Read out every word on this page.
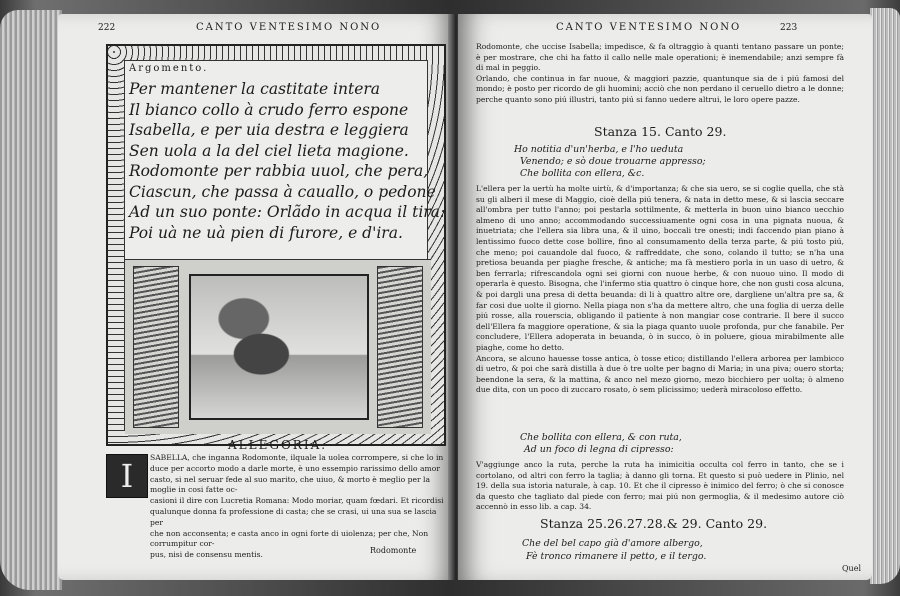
222	CANTO VENTESIMO NONO
Argomento.
Per mantener la castitate intera
Il bianco collo à crudo ferro espone
Isabella, e per uia destra e leggiera
Sen uola a la del ciel lieta magione.
Rodomonte per rabbia uuol, che pera,
Ciascun, che passa à cauallo, o pedone
Ad un suo ponte: Orlãdo in acqua il tira:
Poi uà ne uà pien di furore, e d'ira.
ALLEGORIA.
I	SABELLA, che inganna Rodomonte, ilquale la uolea corrompere, si che lo in
duce per accorto modo a darle morte, è uno essempio rarissimo dello amor
casto, si nel seruar fede al suo marito, che uiuo, & morto è meglio per la moglie in cosi fatte oc-
casioni il dire con Lucretia Romana: Modo moriar, quam fœdari. Et ricordisi
qualunque donna fa professione di casta; che se crasi, ui una sua se lascia per
che non acconsenta; e casta anco in ogni forte di uiolenza; per che, Non corrumpitur cor-
pus, nisi de consensu mentis.	Rodomonte
CANTO VENTESIMO NONO	223
Rodomonte, che uccise Isabella; impedisce, & fa oltraggio à quanti tentano passare un ponte; è per mostrare, che chi ha fatto il callo nelle male operationi; è inemendabile; anzi sempre fà di mal in peggio.
Orlando, che continua in far nuoue, & maggiori pazzie, quantunque sia de i piú famosi del mondo; è posto per ricordo de gli huomini; acciò che non perdano il ceruello dietro a le donne; perche quanto sono piú illustri, tanto piú si fanno uedere altrui, le loro opere pazze.
Stanza 15. Canto 29.
Ho notitia d'un'herba, e l'ho ueduta
Venendo; e sò doue trouarne appresso;
Che bollita con ellera, &c.
L'ellera per la uertù ha molte uirtù, & d'importanza; & che sia uero, se si coglie quella, che stà su gli alberi il mese di Maggio, cioè della piú tenera, & nata in detto mese, & si lascia seccare all'ombra per tutto l'anno; poi pestarla sottilmente, & metterla in buon uino bianco uecchio almeno di uno anno; accommodando successiuamente ogni cosa in una pignata nuoua, & inuetriata; che l'ellera sia libra una, & il uino, boccali tre onesti; indi faccendo pian piano à lentissimo fuoco dette cose bollire, fino al consumamento della terza parte, & piú tosto piú, che meno; poi cauandole dal fuoco, & raffreddate, che sono, colando il tutto; se n'ha una pretiosa beuanda per piaghe fresche, & antiche; ma fà mestiero porla in un uaso di uetro, & ben ferrarla; rifrescandola ogni sei giorni con nuoue herbe, & con nuouo uino. Il modo di operarla è questo. Bisogna, che l'infermo stia quattro ò cinque hore, che non gusti cosa alcuna, & poi dargli una presa di detta beuanda: di li à quattro altre ore, dargliene un'altra pre sa, & far cosi due uolte il giorno. Nella piaga non s'ha da mettere altro, che una foglia di uerza delle piú rosse, alla rouerscia, obligando il patiente à non mangiar cose contrarie. Il bere il succo dell'Ellera fa maggiore operatione, & sia la piaga quanto uuole profonda, pur che fanabile. Per concludere, l'Ellera adoperata in beuanda, ò in succo, ò in poluere, gioua mirabilmente alle piaghe, come ho detto.
Ancora, se alcuno hauesse tosse antica, ò tosse etico; distillando l'ellera arborea per lambicco di uetro, & poi che sarà distilla à due ò tre uolte per bagno di Maria; in una piva; ouero storta; beendone la sera, & la mattina, & anco nel mezo giorno, mezo bicchiero per uolta; ò almeno due dita, con un poco di zuccaro rosato, ò sem plicissimo; uederà miracoloso effetto.
Che bollita con ellera, & con ruta,
Ad un foco di legna di cipresso:
V'aggiunge anco la ruta, perche la ruta ha inimicitia occulta col ferro in tanto, che se i cortolano, od altri con ferro la taglia; à danno gli torna. Et questo si può uedere in Plinio, nel 19. della sua istoria naturale, à cap. 10. Et che il cipresso è inimico del ferro; ò che si conosce da questo che tagliato dal piede con ferro; mai piú non germoglia, & il medesimo autore ciò accennò in esso lib. a cap. 34.
Stanza 25.26.27.28.& 29. Canto 29.
Che del bel capo già d'amore albergo,
Fè tronco rimanere il petto, e il tergo.
Quel
